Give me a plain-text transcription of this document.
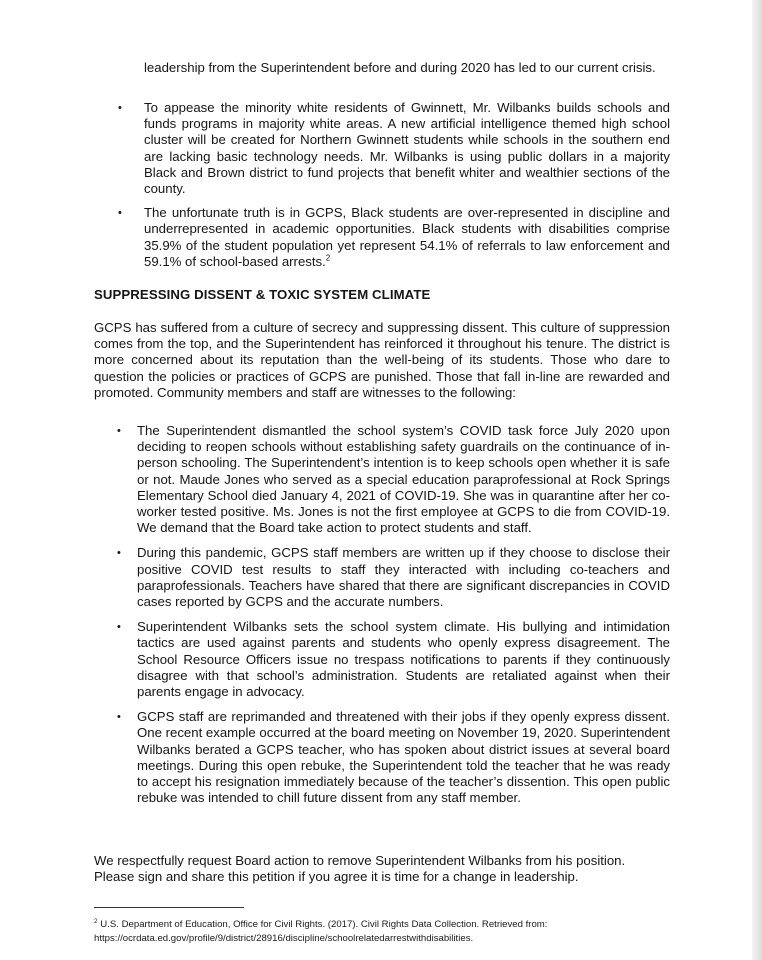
leadership from the Superintendent before and during 2020 has led to our current crisis.
• To appease the minority white residents of Gwinnett, Mr. Wilbanks builds schools and funds programs in majority white areas. A new artificial intelligence themed high school cluster will be created for Northern Gwinnett students while schools in the southern end are lacking basic technology needs. Mr. Wilbanks is using public dollars in a majority Black and Brown district to fund projects that benefit whiter and wealthier sections of the county.
• The unfortunate truth is in GCPS, Black students are over-represented in discipline and underrepresented in academic opportunities. Black students with disabilities comprise 35.9% of the student population yet represent 54.1% of referrals to law enforcement and 59.1% of school-based arrests.$^2$
SUPPRESSING DISSENT & TOXIC SYSTEM CLIMATE
GCPS has suffered from a culture of secrecy and suppressing dissent. This culture of suppression comes from the top, and the Superintendent has reinforced it throughout his tenure. The district is more concerned about its reputation than the well-being of its students. Those who dare to question the policies or practices of GCPS are punished. Those that fall in-line are rewarded and promoted. Community members and staff are witnesses to the following:
• The Superintendent dismantled the school system’s COVID task force July 2020 upon deciding to reopen schools without establishing safety guardrails on the continuance of in-person schooling. The Superintendent’s intention is to keep schools open whether it is safe or not. Maude Jones who served as a special education paraprofessional at Rock Springs Elementary School died January 4, 2021 of COVID-19. She was in quarantine after her co-worker tested positive. Ms. Jones is not the first employee at GCPS to die from COVID-19. We demand that the Board take action to protect students and staff.
• During this pandemic, GCPS staff members are written up if they choose to disclose their positive COVID test results to staff they interacted with including co-teachers and paraprofessionals. Teachers have shared that there are significant discrepancies in COVID cases reported by GCPS and the accurate numbers.
• Superintendent Wilbanks sets the school system climate. His bullying and intimidation tactics are used against parents and students who openly express disagreement. The School Resource Officers issue no trespass notifications to parents if they continuously disagree with that school’s administration. Students are retaliated against when their parents engage in advocacy.
• GCPS staff are reprimanded and threatened with their jobs if they openly express dissent. One recent example occurred at the board meeting on November 19, 2020. Superintendent Wilbanks berated a GCPS teacher, who has spoken about district issues at several board meetings. During this open rebuke, the Superintendent told the teacher that he was ready to accept his resignation immediately because of the teacher’s dissention. This open public rebuke was intended to chill future dissent from any staff member.
We respectfully request Board action to remove Superintendent Wilbanks from his position.
Please sign and share this petition if you agree it is time for a change in leadership.
$^2$ U.S. Department of Education, Office for Civil Rights. (2017). Civil Rights Data Collection. Retrieved from:
https://ocrdata.ed.gov/profile/9/district/28916/discipline/schoolrelatedarrestwithdisabilities.
